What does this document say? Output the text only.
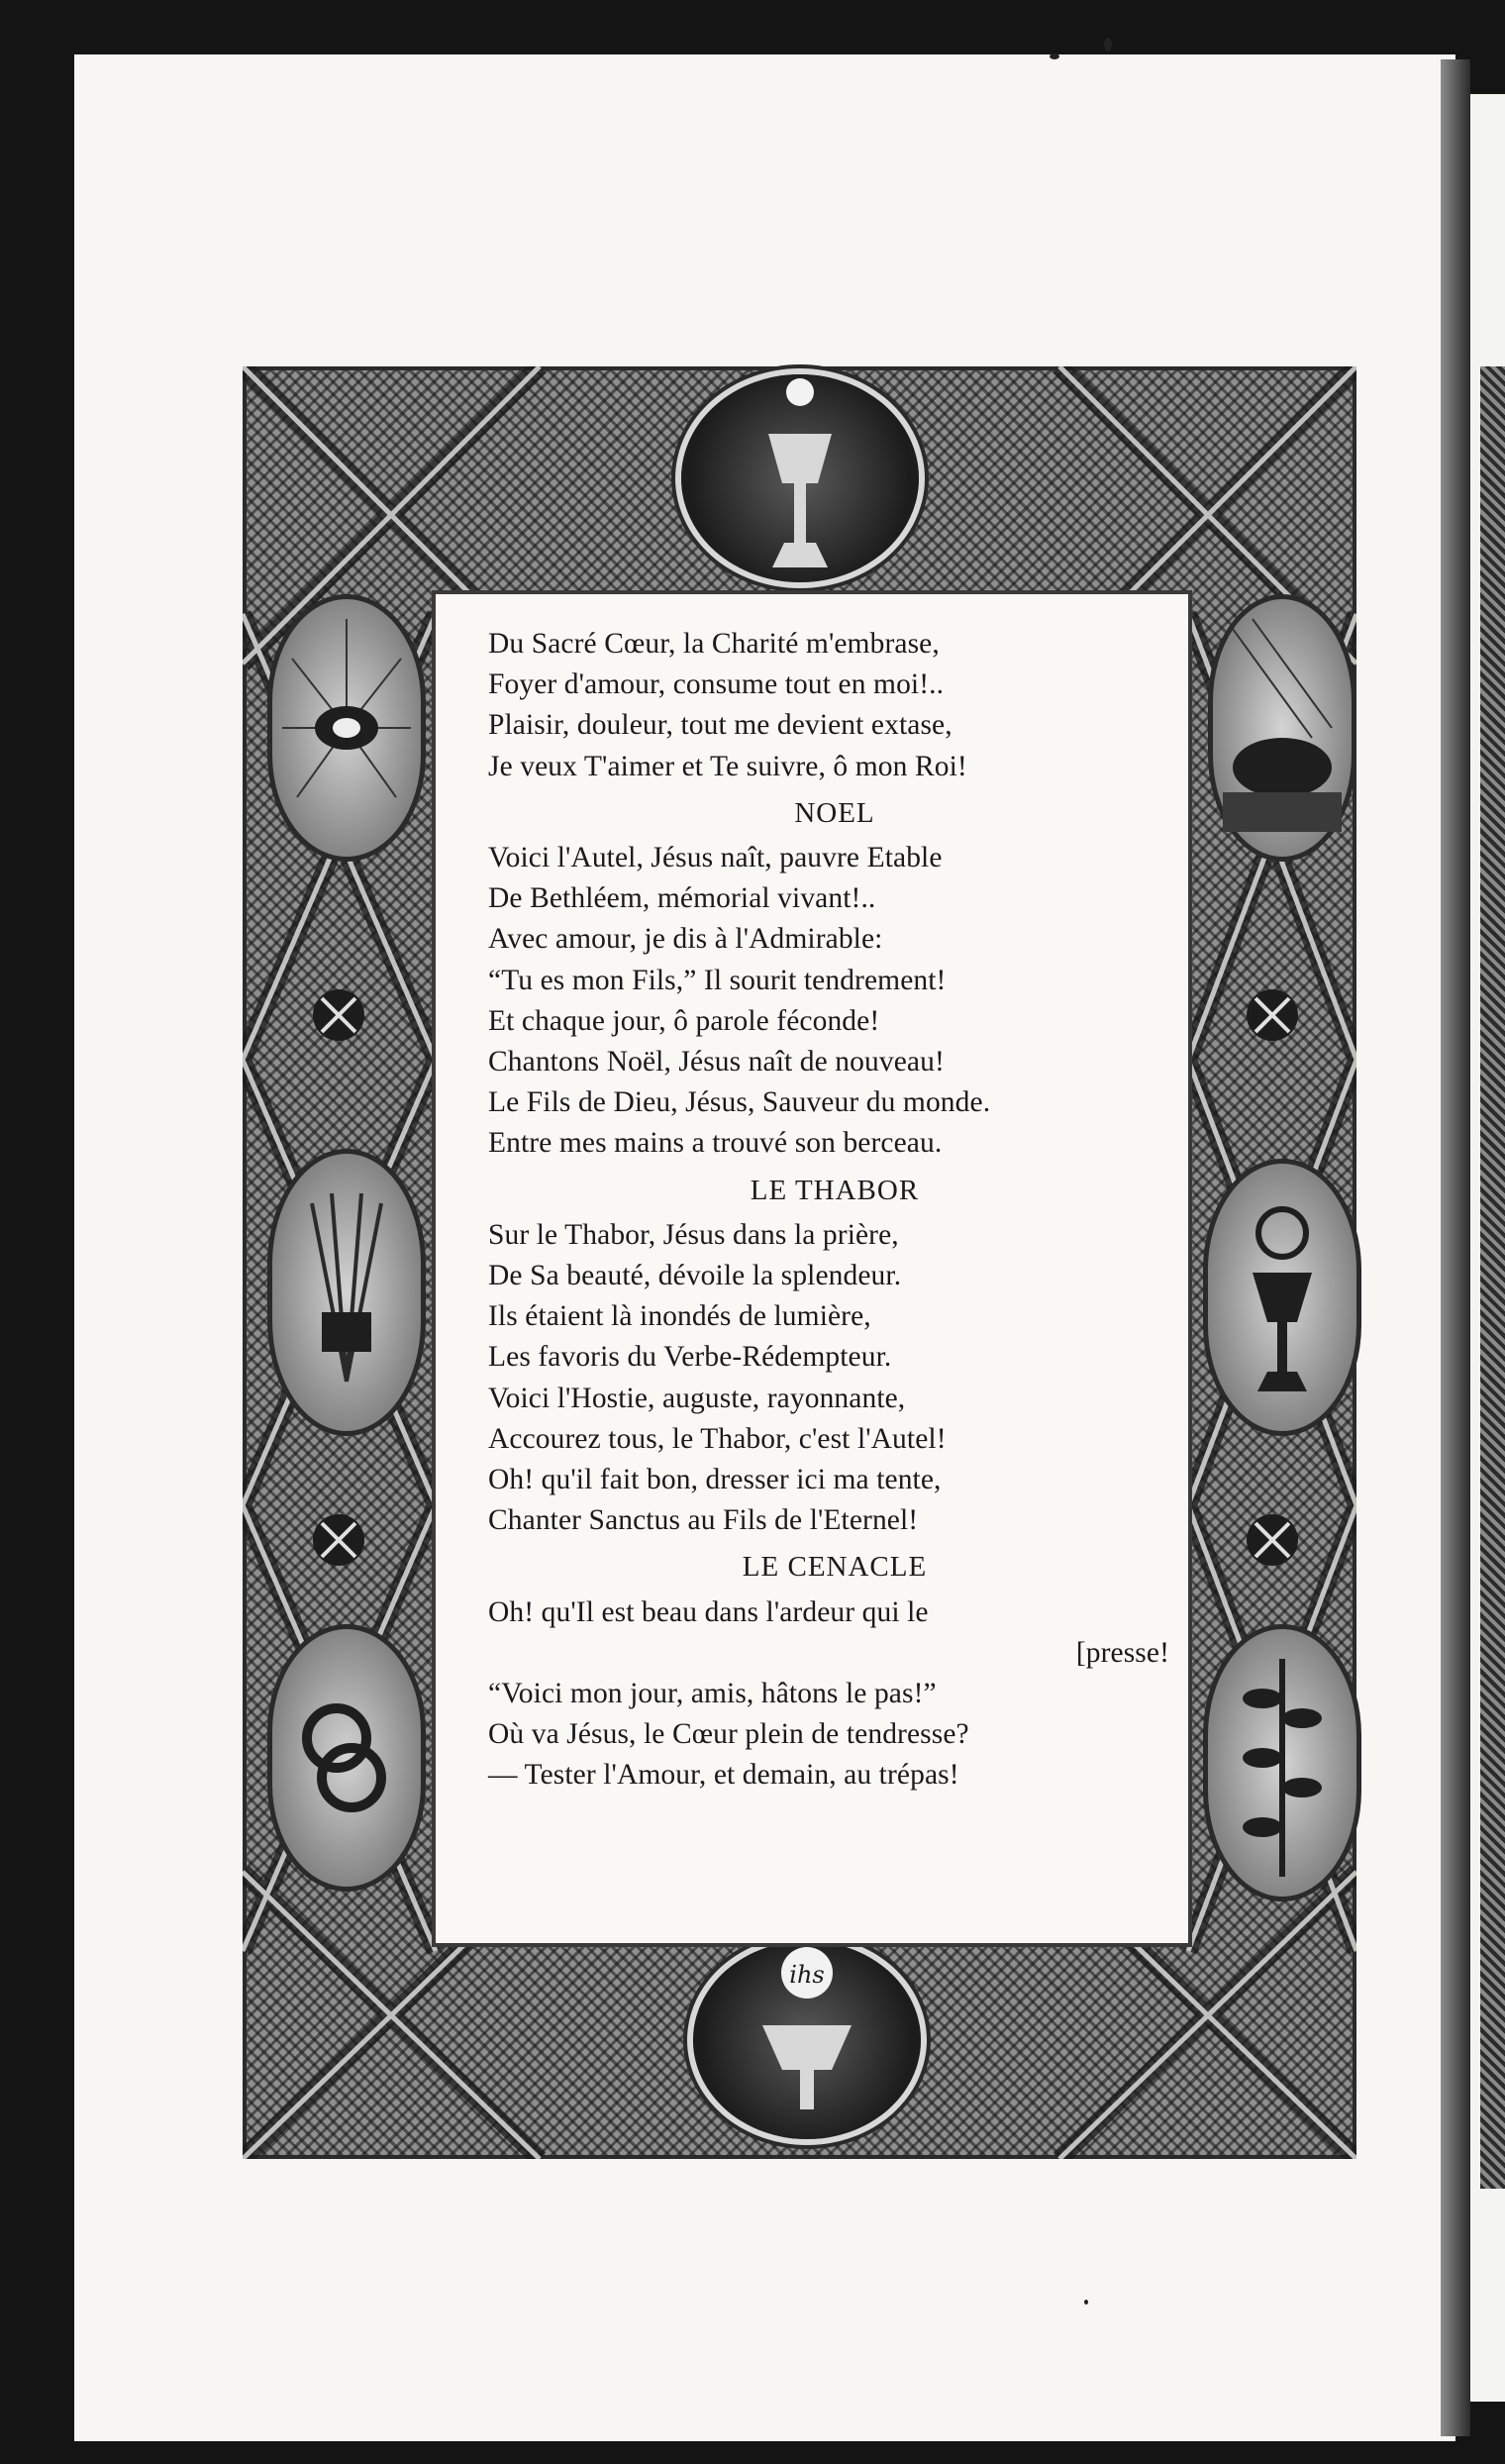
ihs
Du Sacré Cœur, la Charité m'embrase,
Foyer d'amour, consume tout en moi!..
Plaisir, douleur, tout me devient extase,
Je veux T'aimer et Te suivre, ô mon Roi!
NOEL
Voici l'Autel, Jésus naît, pauvre Etable
De Bethléem, mémorial vivant!..
Avec amour, je dis à l'Admirable:
“Tu es mon Fils,” Il sourit tendrement!
Et chaque jour, ô parole féconde!
Chantons Noël, Jésus naît de nouveau!
Le Fils de Dieu, Jésus, Sauveur du monde.
Entre mes mains a trouvé son berceau.
LE THABOR
Sur le Thabor, Jésus dans la prière,
De Sa beauté, dévoile la splendeur.
Ils étaient là inondés de lumière,
Les favoris du Verbe-Rédempteur.
Voici l'Hostie, auguste, rayonnante,
Accourez tous, le Thabor, c'est l'Autel!
Oh! qu'il fait bon, dresser ici ma tente,
Chanter Sanctus au Fils de l'Eternel!
LE CENACLE
Oh! qu'Il est beau dans l'ardeur qui le
[presse!
“Voici mon jour, amis, hâtons le pas!”
Où va Jésus, le Cœur plein de tendresse?
— Tester l'Amour, et demain, au trépas!
